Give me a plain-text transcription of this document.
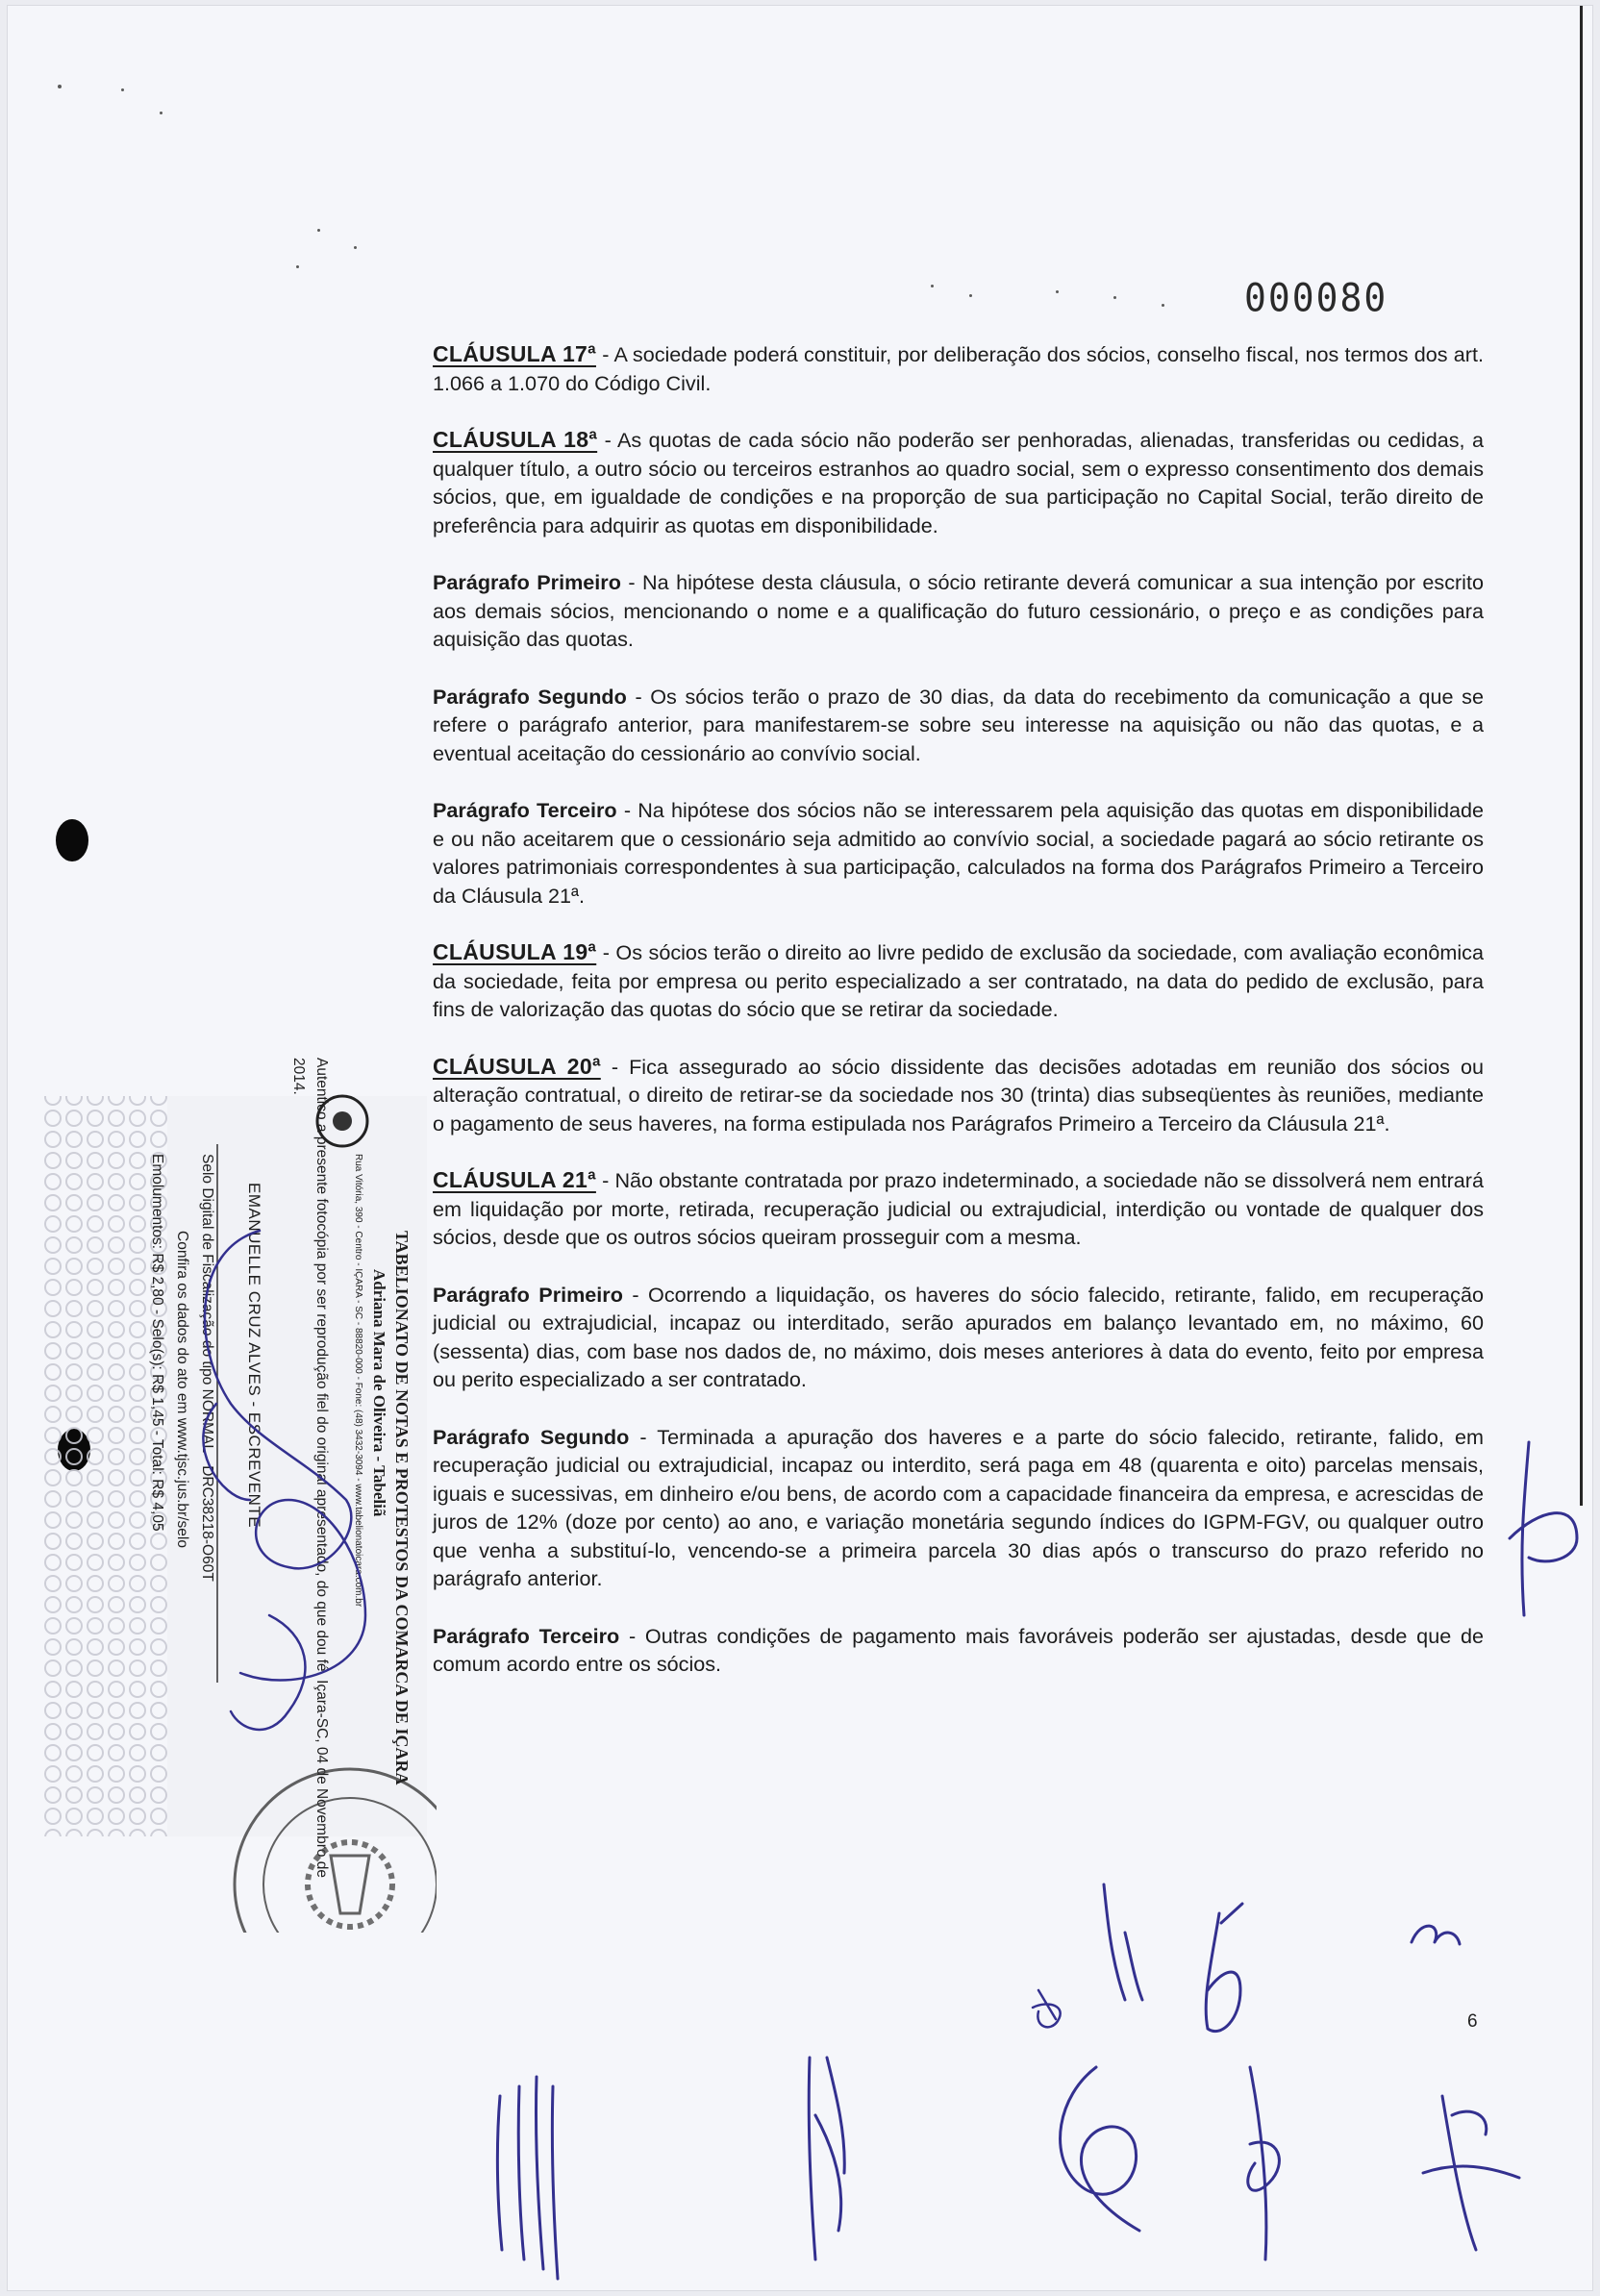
000080

CLÁUSULA 17ª - A sociedade poderá constituir, por deliberação dos sócios, conselho fiscal, nos termos dos art. 1.066 a 1.070 do Código Civil.

CLÁUSULA 18ª - As quotas de cada sócio não poderão ser penhoradas, alienadas, transferidas ou cedidas, a qualquer título, a outro sócio ou terceiros estranhos ao quadro social, sem o expresso consentimento dos demais sócios, que, em igualdade de condições e na proporção de sua participação no Capital Social, terão direito de preferência para adquirir as quotas em disponibilidade.

Parágrafo Primeiro - Na hipótese desta cláusula, o sócio retirante deverá comunicar a sua intenção por escrito aos demais sócios, mencionando o nome e a qualificação do futuro cessionário, o preço e as condições para aquisição das quotas.

Parágrafo Segundo - Os sócios terão o prazo de 30 dias, da data do recebimento da comunicação a que se refere o parágrafo anterior, para manifestarem-se sobre seu interesse na aquisição ou não das quotas, e a eventual aceitação do cessionário ao convívio social.

Parágrafo Terceiro - Na hipótese dos sócios não se interessarem pela aquisição das quotas em disponibilidade e ou não aceitarem que o cessionário seja admitido ao convívio social, a sociedade pagará ao sócio retirante os valores patrimoniais correspondentes à sua participação, calculados na forma dos Parágrafos Primeiro a Terceiro da Cláusula 21ª.

CLÁUSULA 19ª - Os sócios terão o direito ao livre pedido de exclusão da sociedade, com avaliação econômica da sociedade, feita por empresa ou perito especializado a ser contratado, na data do pedido de exclusão, para fins de valorização das quotas do sócio que se retirar da sociedade.

CLÁUSULA 20ª - Fica assegurado ao sócio dissidente das decisões adotadas em reunião dos sócios ou alteração contratual, o direito de retirar-se da sociedade nos 30 (trinta) dias subseqüentes às reuniões, mediante o pagamento de seus haveres, na forma estipulada nos Parágrafos Primeiro a Terceiro da Cláusula 21ª.

CLÁUSULA 21ª - Não obstante contratada por prazo indeterminado, a sociedade não se dissolverá nem entrará em liquidação por morte, retirada, recuperação judicial ou extrajudicial, interdição ou vontade de qualquer dos sócios, desde que os outros sócios queiram prosseguir com a mesma.

Parágrafo Primeiro - Ocorrendo a liquidação, os haveres do sócio falecido, retirante, falido, em recuperação judicial ou extrajudicial, incapaz ou interditado, serão apurados em balanço levantado em, no máximo, 60 (sessenta) dias, com base nos dados de, no máximo, dois meses anteriores à data do evento, feito por empresa ou perito especializado a ser contratado.

Parágrafo Segundo - Terminada a apuração dos haveres e a parte do sócio falecido, retirante, falido, em recuperação judicial ou extrajudicial, incapaz ou interdito, será paga em 48 (quarenta e oito) parcelas mensais, iguais e sucessivas, em dinheiro e/ou bens, de acordo com a capacidade financeira da empresa, e acrescidas de juros de 12% (doze por cento) ao ano, e variação monetária segundo índices do IGPM-FGV, ou qualquer outro que venha a substituí-lo, vencendo-se a primeira parcela 30 dias após o transcurso do prazo referido no parágrafo anterior.

Parágrafo Terceiro - Outras condições de pagamento mais favoráveis poderão ser ajustadas, desde que de comum acordo entre os sócios.

6
TABELIONATO DE NOTAS E PROTESTOS DA COMARCA DE IÇARA
Adriana Mara de Oliveira - Tabeliã
Rua Vitória, 390 - Centro - IÇARA - SC - 88820-000 - Fone: (48) 3432-3094 - www.tabelionatoicara.com.br
Autentico a presente fotocópia por ser reprodução fiel do original apresentado, do que dou fé. Içara-SC, 04 de Novembro de 2014.
EMANUELLE CRUZ ALVES - ESCREVENTE
Selo Digital de Fiscalização do tipo NORMAL - DRC38218-O60T
Confira os dados do ato em www.tjsc.jus.br/selo
Emolumentos: R$ 2,80 - Selo(s): R$ 1,45 - Total: R$ 4,05
